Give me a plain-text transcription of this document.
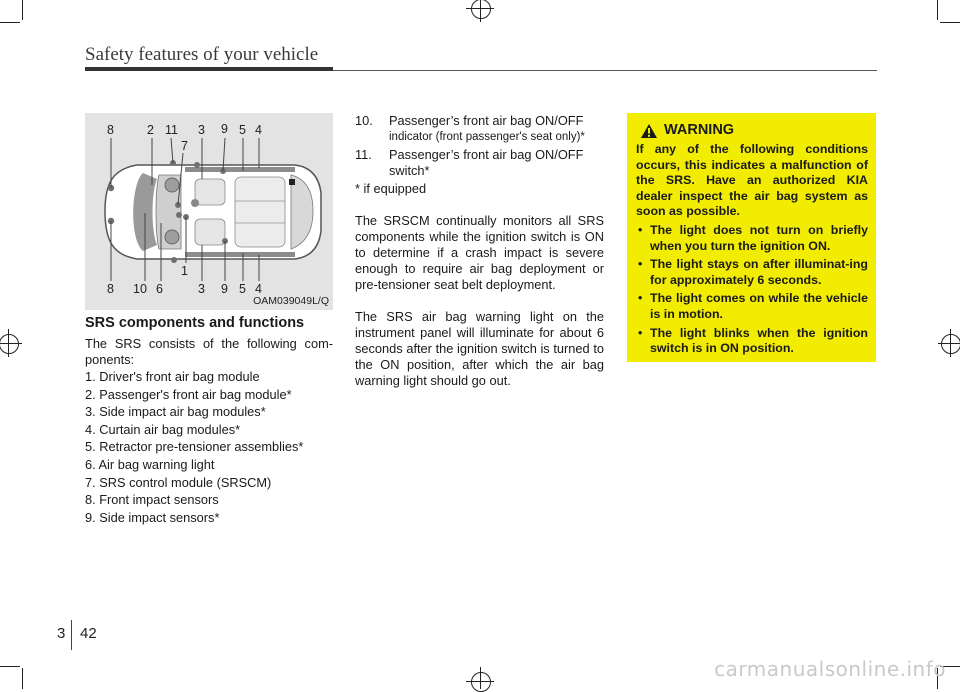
Safety features of your vehicle
8	2 11 3 9 5 4
7
1
8 10 6	3 9 5 4
OAM039049L/Q
SRS components and functions
The SRS consists of the following com-ponents:
1. Driver's front air bag module
2. Passenger's front air bag module*
3. Side impact air bag modules*
4. Curtain air bag modules*
5. Retractor pre-tensioner assemblies*
6. Air bag warning light
7. SRS control module (SRSCM)
8. Front impact sensors
9. Side impact sensors*
10. Passenger’s front air bag ON/OFF
indicator (front passenger's seat only)*
11. Passenger’s front air bag ON/OFF
switch*

* if equipped

The SRSCM continually monitors all SRS components while the ignition switch is ON to determine if a crash impact is severe enough to require air bag deployment or pre-tensioner seat belt deployment.

The SRS air bag warning light on the instrument panel will illuminate for about 6 seconds after the ignition switch is turned to the ON position, after which the air bag warning light should go out.

WARNING
If any of the following conditions occurs, this indicates a malfunction of the SRS. Have an authorized KIA dealer inspect the air bag system as soon as possible.
• The light does not turn on briefly when you turn the ignition ON.
• The light stays on after illuminat-ing for approximately 6 seconds.
• The light comes on while the vehicle is in motion.
• The light blinks when the ignition switch is in ON position.
3 42
carmanualsonline.info
